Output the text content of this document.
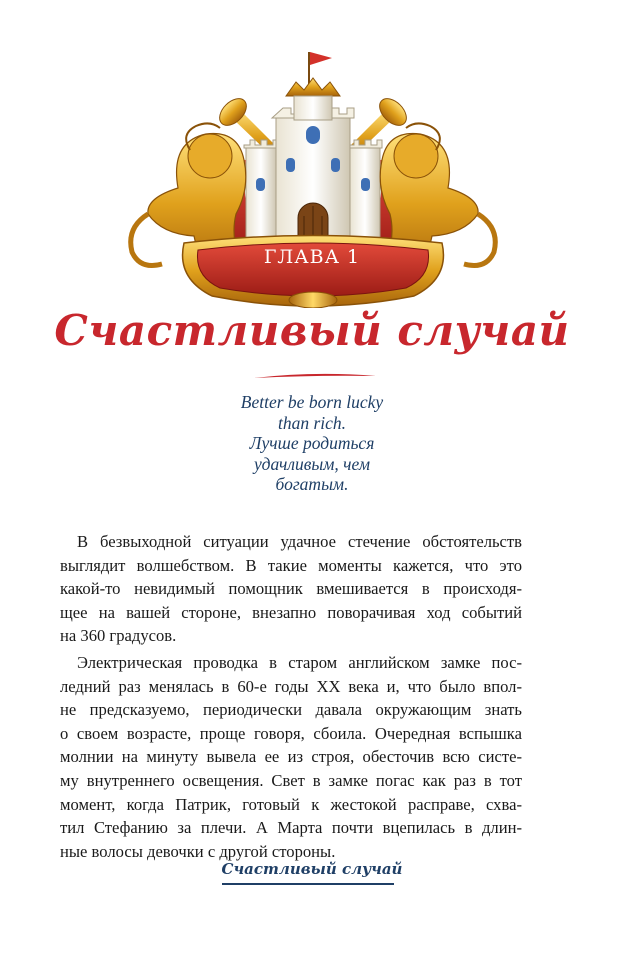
ГЛАВА 1
Счастливый случай
Better be born lucky
than rich.
Лучше родиться
удачливым, чем
богатым.
В безвыходной ситуации удачное стечение обстоятельств
выглядит волшебством. В такие моменты кажется, что это
какой-то невидимый помощник вмешивается в происходя-
щее на вашей стороне, внезапно поворачивая ход событий
на 360 градусов.
Электрическая проводка в старом английском замке пос-
ледний раз менялась в 60-е годы XX века и, что было впол-
не предсказуемо, периодически давала окружающим знать
о своем возрасте, проще говоря, сбоила. Очередная вспышка
молнии на минуту вывела ее из строя, обесточив всю систе-
му внутреннего освещения. Свет в замке погас как раз в тот
момент, когда Патрик, готовый к жестокой расправе, схва-
тил Стефанию за плечи. А Марта почти вцепилась в длин-
ные волосы девочки с другой стороны.
Счастливый случай
